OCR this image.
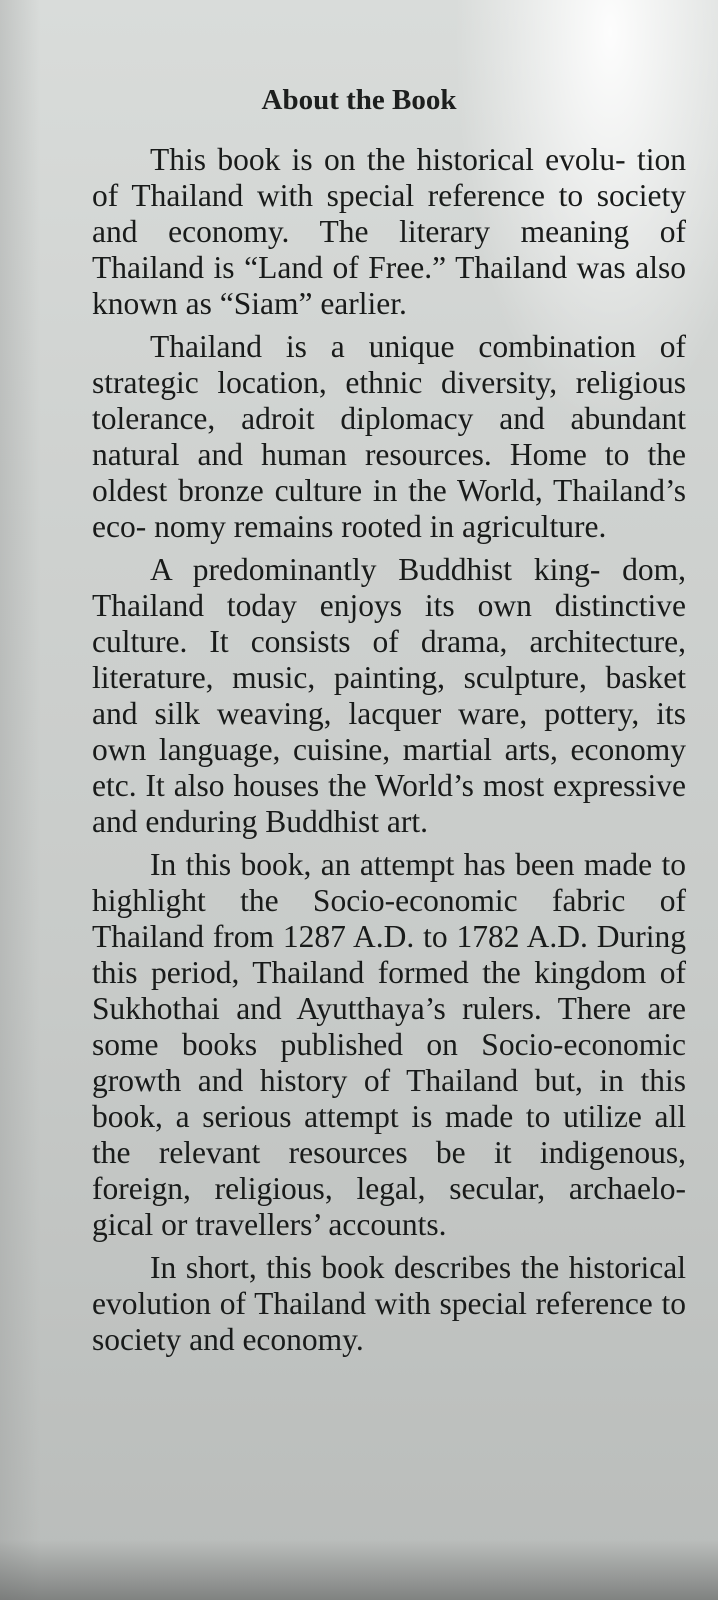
About the Book

This book is on the historical evolu- tion of Thailand with special reference to society and economy. The literary meaning of Thailand is “Land of Free.” Thailand was also known as “Siam” earlier.

Thailand is a unique combination of strategic location, ethnic diversity, religious tolerance, adroit diplomacy and abundant natural and human resources. Home to the oldest bronze culture in the World, Thailand’s eco- nomy remains rooted in agriculture.

A predominantly Buddhist king- dom, Thailand today enjoys its own distinctive culture. It consists of drama, architecture, literature, music, painting, sculpture, basket and silk weaving, lacquer ware, pottery, its own language, cuisine, martial arts, economy etc. It also houses the World’s most expressive and enduring Buddhist art.

In this book, an attempt has been made to highlight the Socio-economic fabric of Thailand from 1287 A.D. to 1782 A.D. During this period, Thailand formed the kingdom of Sukhothai and Ayutthaya’s rulers. There are some books published on Socio-economic growth and history of Thailand but, in this book, a serious attempt is made to utilize all the relevant resources be it indigenous, foreign, religious, legal, secular, archaelo- gical or travellers’ accounts.

In short, this book describes the historical evolution of Thailand with special reference to society and economy.
